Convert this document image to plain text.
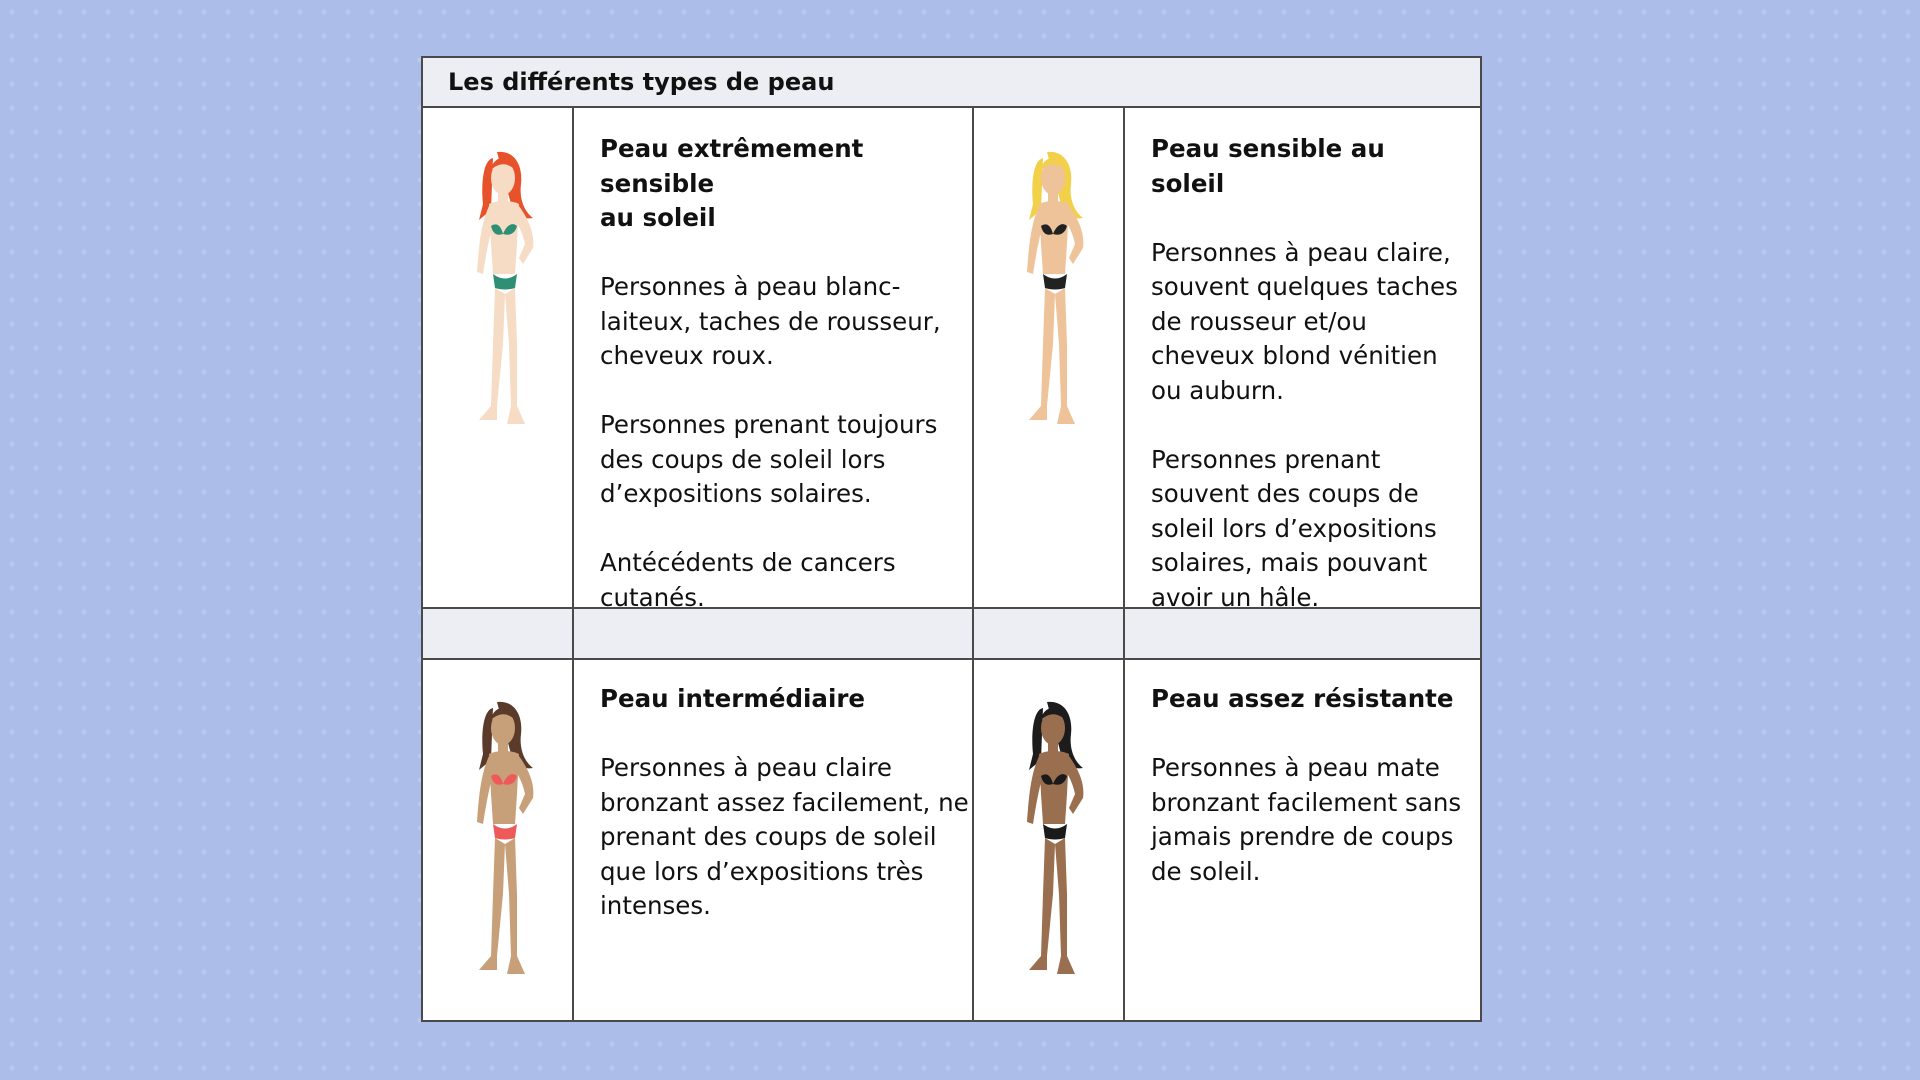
Les différents types de peau
Peau extrêmement sensible
au soleil

Personnes à peau blanc-laiteux, taches de rousseur, cheveux roux.

Personnes prenant toujours des coups de soleil lors d’expositions solaires.

Antécédents de cancers cutanés.

Peau sensible au soleil

Personnes à peau claire, souvent quelques taches de rousseur et/ou cheveux blond vénitien ou auburn.

Personnes prenant souvent des coups de soleil lors d’expositions solaires, mais pouvant avoir un hâle.

Peau intermédiaire

Personnes à peau claire bronzant assez facilement, ne prenant des coups de soleil que lors d’expositions très intenses.

Peau assez résistante

Personnes à peau mate bronzant facilement sans jamais prendre de coups de soleil.
